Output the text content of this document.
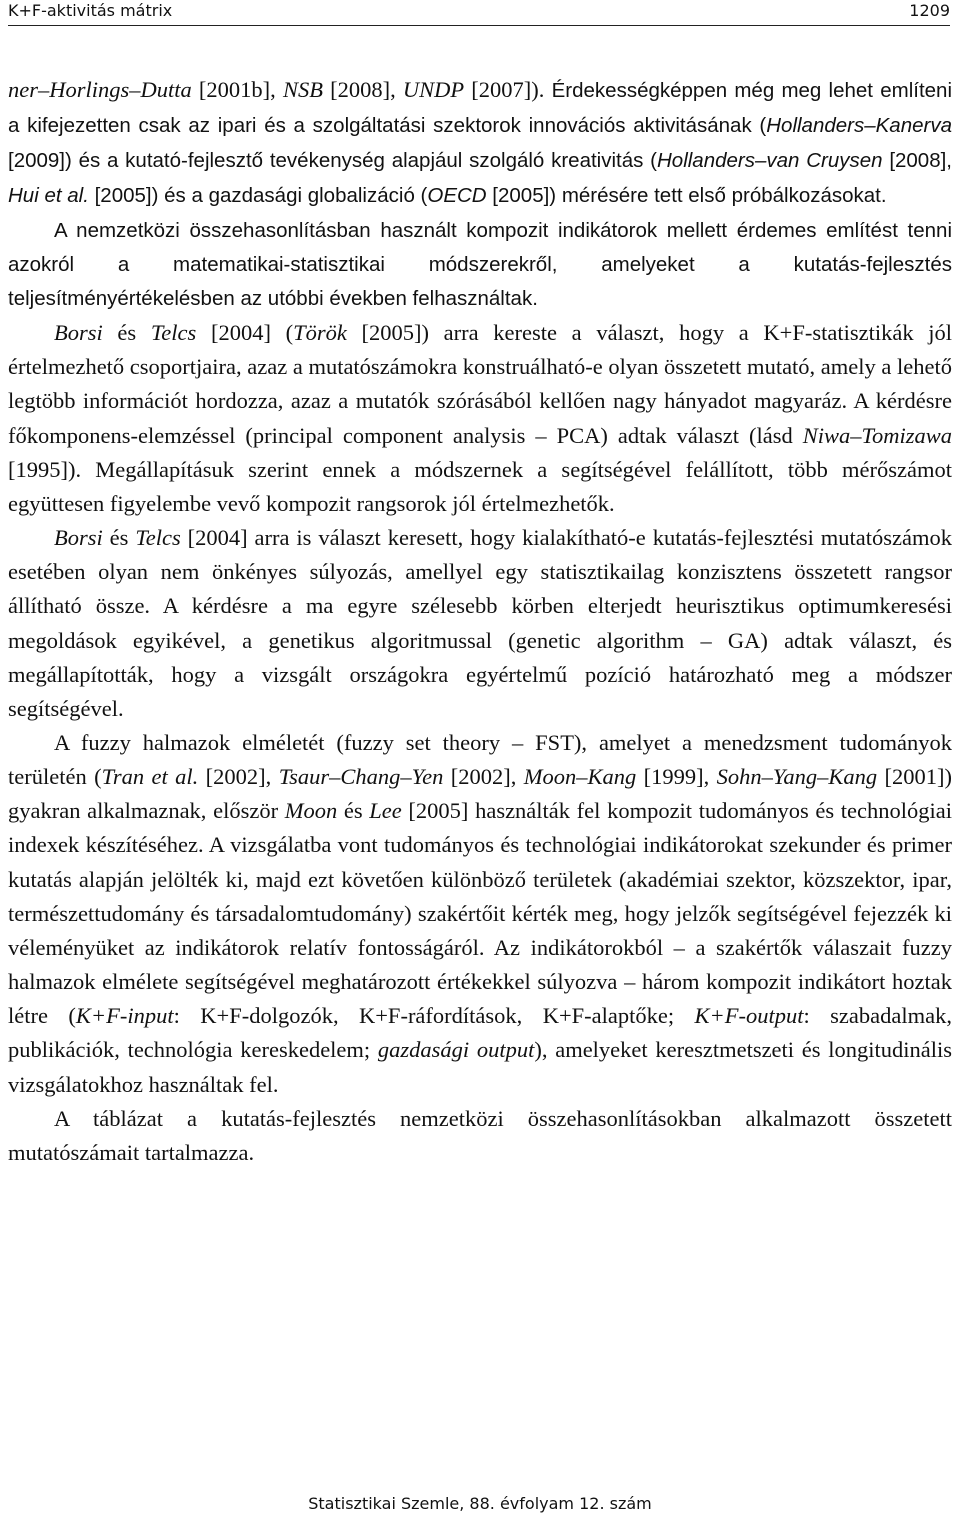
K+F-aktivitás mátrix	1209

ner–Horlings–Dutta [2001b], NSB [2008], UNDP [2007]). Érdekességképpen még meg lehet említeni a kifejezetten csak az ipari és a szolgáltatási szektorok innovációs aktivitásának (Hollanders–Kanerva [2009]) és a kutató-fejlesztő tevékenység alapjául szolgáló kreativitás (Hollanders–van Cruysen [2008], Hui et al. [2005]) és a gazdasági globalizáció (OECD [2005]) mérésére tett első próbálkozásokat.

A nemzetközi összehasonlításban használt kompozit indikátorok mellett érdemes említést tenni azokról a matematikai-statisztikai módszerekről, amelyeket a kutatás-fejlesztés teljesítményértékelésben az utóbbi években felhasználtak.

Borsi és Telcs [2004] (Török [2005]) arra kereste a választ, hogy a K+F-statisztikák jól értelmezhető csoportjaira, azaz a mutatószámokra konstruálható-e olyan összetett mutató, amely a lehető legtöbb információt hordozza, azaz a mutatók szórásából kellően nagy hányadot magyaráz. A kérdésre főkomponens-elemzéssel (principal component analysis – PCA) adtak választ (lásd Niwa–Tomizawa [1995]). Megállapításuk szerint ennek a módszernek a segítségével felállított, több mérőszámot együttesen figyelembe vevő kompozit rangsorok jól értelmezhetők.

Borsi és Telcs [2004] arra is választ keresett, hogy kialakítható-e kutatás-fejlesztési mutatószámok esetében olyan nem önkényes súlyozás, amellyel egy statisztikailag konzisztens összetett rangsor állítható össze. A kérdésre a ma egyre szélesebb körben elterjedt heurisztikus optimumkeresési megoldások egyikével, a genetikus algoritmussal (genetic algorithm – GA) adtak választ, és megállapították, hogy a vizsgált országokra egyértelmű pozíció határozható meg a módszer segítségével.

A fuzzy halmazok elméletét (fuzzy set theory – FST), amelyet a menedzsment tudományok területén (Tran et al. [2002], Tsaur–Chang–Yen [2002], Moon–Kang [1999], Sohn–Yang–Kang [2001]) gyakran alkalmaznak, először Moon és Lee [2005] használták fel kompozit tudományos és technológiai indexek készítéséhez. A vizsgálatba vont tudományos és technológiai indikátorokat szekunder és primer kutatás alapján jelölték ki, majd ezt követően különböző területek (akadémiai szektor, közszektor, ipar, természettudomány és társadalomtudomány) szakértőit kérték meg, hogy jelzők segítségével fejezzék ki véleményüket az indikátorok relatív fontosságáról. Az indikátorokból – a szakértők válaszait fuzzy halmazok elmélete segítségével meghatározott értékekkel súlyozva – három kompozit indikátort hoztak létre (K+F-input: K+F-dolgozók, K+F-ráfordítások, K+F-alaptőke; K+F-output: szabadalmak, publikációk, technológia kereskedelem; gazdasági output), amelyeket keresztmetszeti és longitudinális vizsgálatokhoz használtak fel.

A táblázat a kutatás-fejlesztés nemzetközi összehasonlításokban alkalmazott összetett mutatószámait tartalmazza.

Statisztikai Szemle, 88. évfolyam 12. szám
